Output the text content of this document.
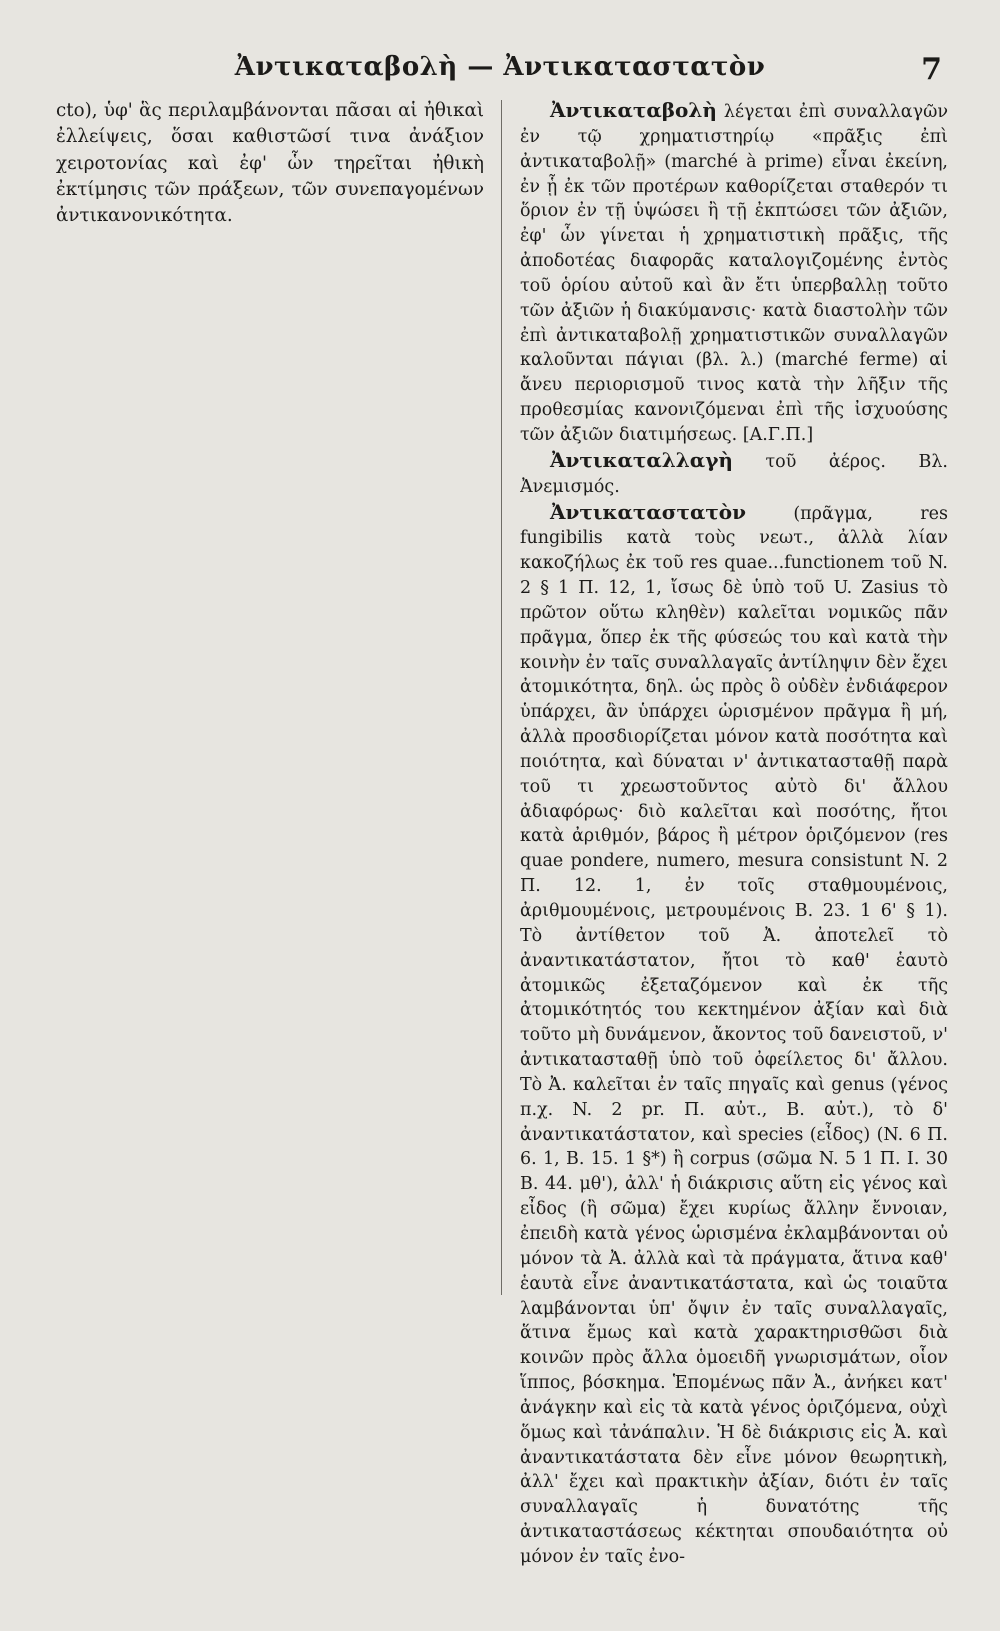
Ἀντικαταβολὴ — Ἀντικαταστατὸν	7

cto), ὑφ' ἃς περιλαμβάνονται πᾶσαι αἱ ἠθικαὶ ἐλλείψεις, ὅσαι καθιστῶσί τινα ἀνάξιον χειροτονίας καὶ ἐφ' ὧν τηρεῖται ἠθικὴ ἐκτίμησις τῶν πράξεων, τῶν συνεπαγομένων ἀντικανονικότητα.

Ἀντικαταβολὴ λέγεται ἐπὶ συναλλαγῶν ἐν τῷ χρηματιστηρίῳ «πρᾶξις ἐπὶ ἀντικαταβολῇ» (marché à prime) εἶναι ἐκείνη, ἐν ᾗ ἐκ τῶν προτέρων καθορίζεται σταθερόν τι ὅριον ἐν τῇ ὑψώσει ἢ τῇ ἐκπτώσει τῶν ἀξιῶν, ἐφ' ὧν γίνεται ἡ χρηματιστικὴ πρᾶξις, τῆς ἀποδοτέας διαφορᾶς καταλογιζομένης ἐντὸς τοῦ ὁρίου αὐτοῦ καὶ ἂν ἔτι ὑπερβαλλῃ τοῦτο τῶν ἀξιῶν ἡ διακύμανσις· κατὰ διαστολὴν τῶν ἐπὶ ἀντικαταβολῇ χρηματιστικῶν συναλλαγῶν καλοῦνται πάγιαι (βλ. λ.) (marché ferme) αἱ ἄνευ περιορισμοῦ τινος κατὰ τὴν λῆξιν τῆς προθεσμίας κανονιζόμεναι ἐπὶ τῆς ἰσχυούσης τῶν ἀξιῶν διατιμήσεως. [Α.Γ.Π.]

Ἀντικαταλλαγὴ τοῦ ἀέρος. Βλ. Ἀνεμισμός.

Ἀντικαταστατὸν (πρᾶγμα, res fungibilis κατὰ τοὺς νεωτ., ἀλλὰ λίαν κακοζήλως ἐκ τοῦ res quae...functionem τοῦ N. 2 § 1 Π. 12, 1, ἴσως δὲ ὑπὸ τοῦ U. Zasius τὸ πρῶτον οὕτω κληθὲν) καλεῖται νομικῶς πᾶν πρᾶγμα, ὅπερ ἐκ τῆς φύσεώς του καὶ κατὰ τὴν κοινὴν ἐν ταῖς συναλλαγαῖς ἀντίληψιν δὲν ἔχει ἀτομικότητα, δηλ. ὡς πρὸς ὃ οὐδὲν ἐνδιάφερον ὑπάρχει, ἂν ὑπάρχει ὡρισμένον πρᾶγμα ἢ μή, ἀλλὰ προσδιορίζεται μόνον κατὰ ποσότητα καὶ ποιότητα, καὶ δύναται ν' ἀντικατασταθῇ παρὰ τοῦ τι χρεωστοῦντος αὐτὸ δι' ἄλλου ἀδιαφόρως· διὸ καλεῖται καὶ ποσότης, ἤτοι κατὰ ἀριθμόν, βάρος ἢ μέτρον ὁριζόμενον (res quae pondere, numero, mesura consistunt N. 2 Π. 12. 1, ἐν τοῖς σταθμουμένοις, ἀριθμουμένοις, μετρουμένοις Β. 23. 1 6' § 1). Τὸ ἀντίθετον τοῦ Ἀ. ἀποτελεῖ τὸ ἀναντικατάστατον, ἤτοι τὸ καθ' ἑαυτὸ ἀτομικῶς ἐξεταζόμενον καὶ ἐκ τῆς ἀτομικότητός του κεκτημένον ἀξίαν καὶ διὰ τοῦτο μὴ δυνάμενον, ἄκοντος τοῦ δανειστοῦ, ν' ἀντικατασταθῇ ὑπὸ τοῦ ὀφείλετος δι' ἄλλου. Τὸ Ἀ. καλεῖται ἐν ταῖς πηγαῖς καὶ genus (γένος π.χ. N. 2 pr. Π. αὐτ., Β. αὐτ.), τὸ δ' ἀναντικατάστατον, καὶ species (εἶδος) (N. 6 Π. 6. 1, Β. 15. 1 §*) ἢ corpus (σῶμα N. 5 1 Π. Ι. 30 Β. 44. μθ'), ἀλλ' ἡ διάκρισις αὕτη εἰς γένος καὶ εἶδος (ἢ σῶμα) ἔχει κυρίως ἄλλην ἔννοιαν, ἐπειδὴ κατὰ γένος ὡρισμένα ἐκλαμβάνονται οὐ μόνον τὰ Ἀ. ἀλλὰ καὶ τὰ πράγματα, ἅτινα καθ' ἑαυτὰ εἶνε ἀναντικατάστατα, καὶ ὡς τοιαῦτα λαμβάνονται ὑπ' ὄψιν ἐν ταῖς συναλλαγαῖς, ἅτινα ἔμως καὶ κατὰ χαρακτηρισθῶσι διὰ κοινῶν πρὸς ἄλλα ὁμοειδῆ γνωρισμάτων, οἷον ἵππος, βόσκημα. Ἑπομένως πᾶν Ἀ., ἀνήκει κατ' ἀνάγκην καὶ εἰς τὰ κατὰ γένος ὁριζόμενα, οὐχὶ ὅμως καὶ τἀνάπαλιν. Ἡ δὲ διάκρισις εἰς Ἀ. καὶ ἀναντικατάστατα δὲν εἶνε μόνον θεωρητικὴ, ἀλλ' ἔχει καὶ πρακτικὴν ἀξίαν, διότι ἐν ταῖς συναλλαγαῖς ἡ δυνατότης τῆς ἀντικαταστάσεως κέκτηται σπουδαιότητα οὐ μόνον ἐν ταῖς ἐνο-
